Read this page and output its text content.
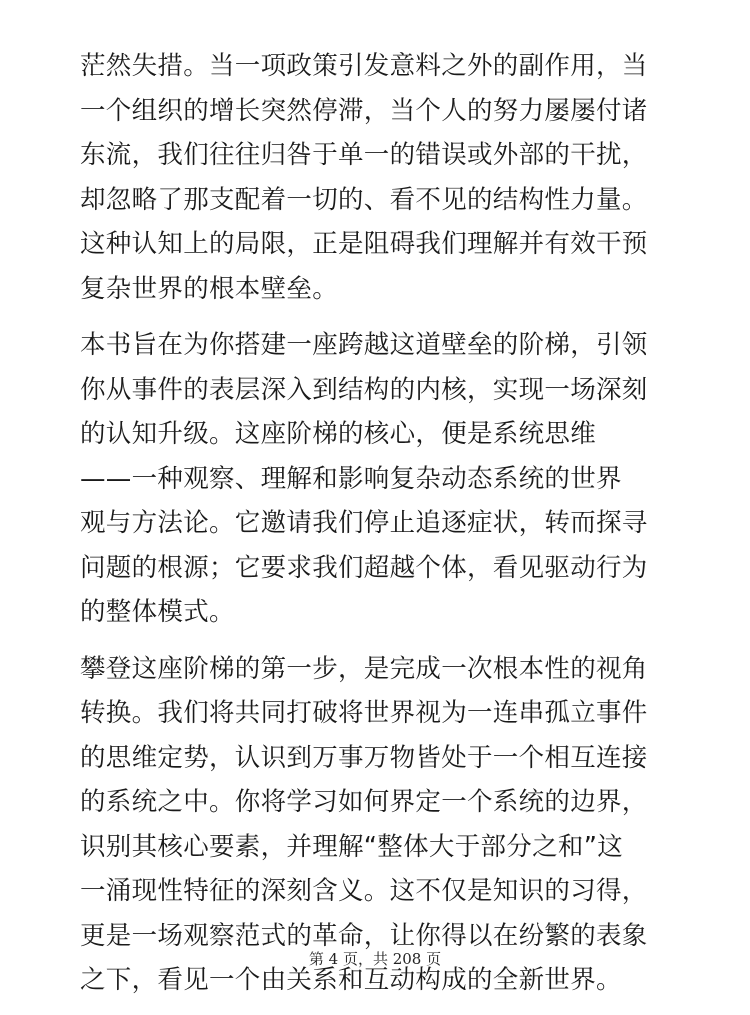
茫然失措。当一项政策引发意料之外的副作用，当
一个组织的增长突然停滞，当个人的努力屡屡付诸
东流，我们往往归咎于单一的错误或外部的干扰，
却忽略了那支配着一切的、看不见的结构性力量。
这种认知上的局限，正是阻碍我们理解并有效干预
复杂世界的根本壁垒。

本书旨在为你搭建一座跨越这道壁垒的阶梯，引领
你从事件的表层深入到结构的内核，实现一场深刻
的认知升级。这座阶梯的核心，便是系统思维
——一种观察、理解和影响复杂动态系统的世界
观与方法论。它邀请我们停止追逐症状，转而探寻
问题的根源；它要求我们超越个体，看见驱动行为
的整体模式。

攀登这座阶梯的第一步，是完成一次根本性的视角
转换。我们将共同打破将世界视为一连串孤立事件
的思维定势，认识到万事万物皆处于一个相互连接
的系统之中。你将学习如何界定一个系统的边界，
识别其核心要素，并理解“整体大于部分之和”这
一涌现性特征的深刻含义。这不仅是知识的习得，
更是一场观察范式的革命，让你得以在纷繁的表象
之下，看见一个由关系和互动构成的全新世界。

第 4 页，共 208 页
